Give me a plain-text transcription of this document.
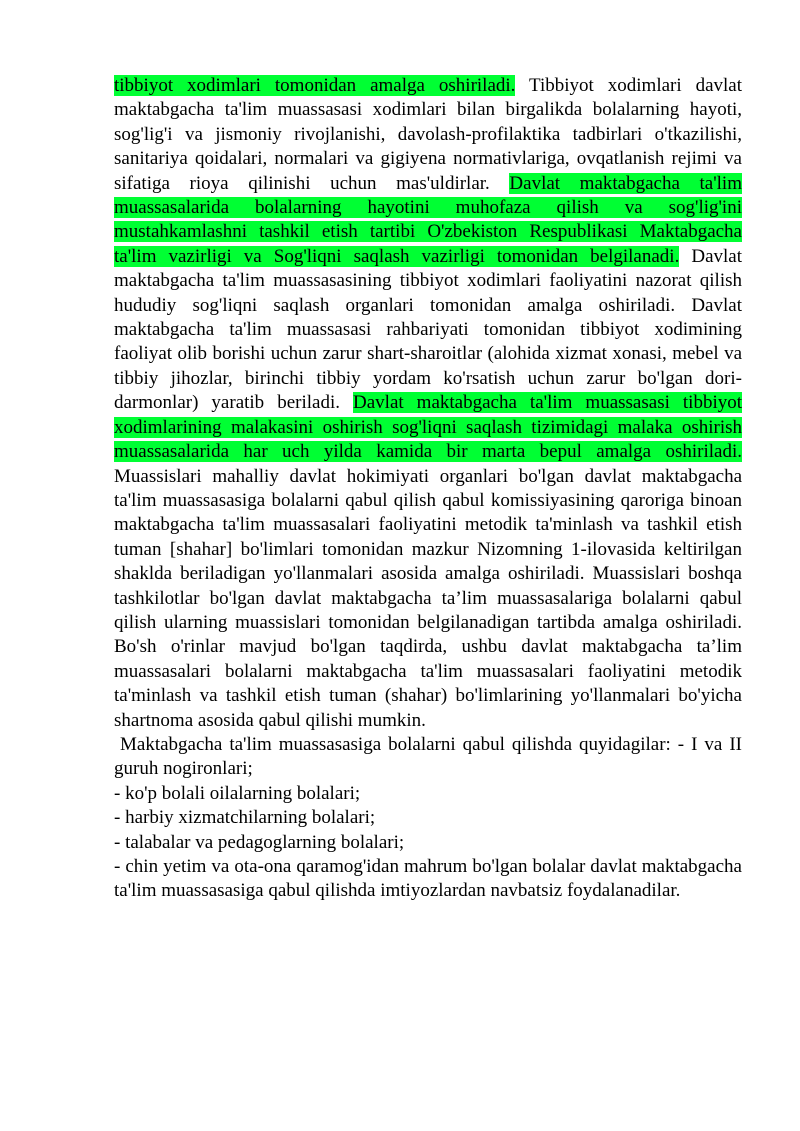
tibbiyot xodimlari tomonidan amalga oshiriladi. Tibbiyot xodimlari davlat maktabgacha ta'lim muassasasi xodimlari bilan birgalikda bolalarning hayoti, sog'lig'i va jismoniy rivojlanishi, davolash-profilaktika tadbirlari o'tkazilishi, sanitariya qoidalari, normalari va gigiyena normativlariga, ovqatlanish rejimi va sifatiga rioya qilinishi uchun mas'uldirlar. Davlat maktabgacha ta'lim muassasalarida bolalarning hayotini muhofaza qilish va sog'lig'ini mustahkamlashni tashkil etish tartibi O'zbekiston Respublikasi Maktabgacha ta'lim vazirligi va Sog'liqni saqlash vazirligi tomonidan belgilanadi. Davlat maktabgacha ta'lim muassasasining tibbiyot xodimlari faoliyatini nazorat qilish hududiy sog'liqni saqlash organlari tomonidan amalga oshiriladi. Davlat maktabgacha ta'lim muassasasi rahbariyati tomonidan tibbiyot xodimining faoliyat olib borishi uchun zarur shart-sharoitlar (alohida xizmat xonasi, mebel va tibbiy jihozlar, birinchi tibbiy yordam ko'rsatish uchun zarur bo'lgan dori-darmonlar) yaratib beriladi. Davlat maktabgacha ta'lim muassasasi tibbiyot xodimlarining malakasini oshirish sog'liqni saqlash tizimidagi malaka oshirish muassasalarida har uch yilda kamida bir marta bepul amalga oshiriladi. Muassislari mahalliy davlat hokimiyati organlari bo'lgan davlat maktabgacha ta'lim muassasasiga bolalarni qabul qilish qabul komissiyasining qaroriga binoan maktabgacha ta'lim muassasalari faoliyatini metodik ta'minlash va tashkil etish tuman [shahar] bo'limlari tomonidan mazkur Nizomning 1-ilovasida keltirilgan shaklda beriladigan yo'llanmalari asosida amalga oshiriladi. Muassislari boshqa tashkilotlar bo'lgan davlat maktabgacha ta’lim muassasalariga bolalarni qabul qilish ularning muassislari tomonidan belgilanadigan tartibda amalga oshiriladi. Bo'sh o'rinlar mavjud bo'lgan taqdirda, ushbu davlat maktabgacha ta’lim muassasalari bolalarni maktabgacha ta'lim muassasalari faoliyatini metodik ta'minlash va tashkil etish tuman (shahar) bo'limlarining yo'llanmalari bo'yicha shartnoma asosida qabul qilishi mumkin.

Maktabgacha ta'lim muassasasiga bolalarni qabul qilishda quyidagilar: - I va II guruh nogironlari;

- ko'p bolali oilalarning bolalari;
- harbiy xizmatchilarning bolalari;
- talabalar va pedagoglarning bolalari;
- chin yetim va ota-ona qaramog'idan mahrum bo'lgan bolalar davlat maktabgacha ta'lim muassasasiga qabul qilishda imtiyozlardan navbatsiz foydalanadilar.
